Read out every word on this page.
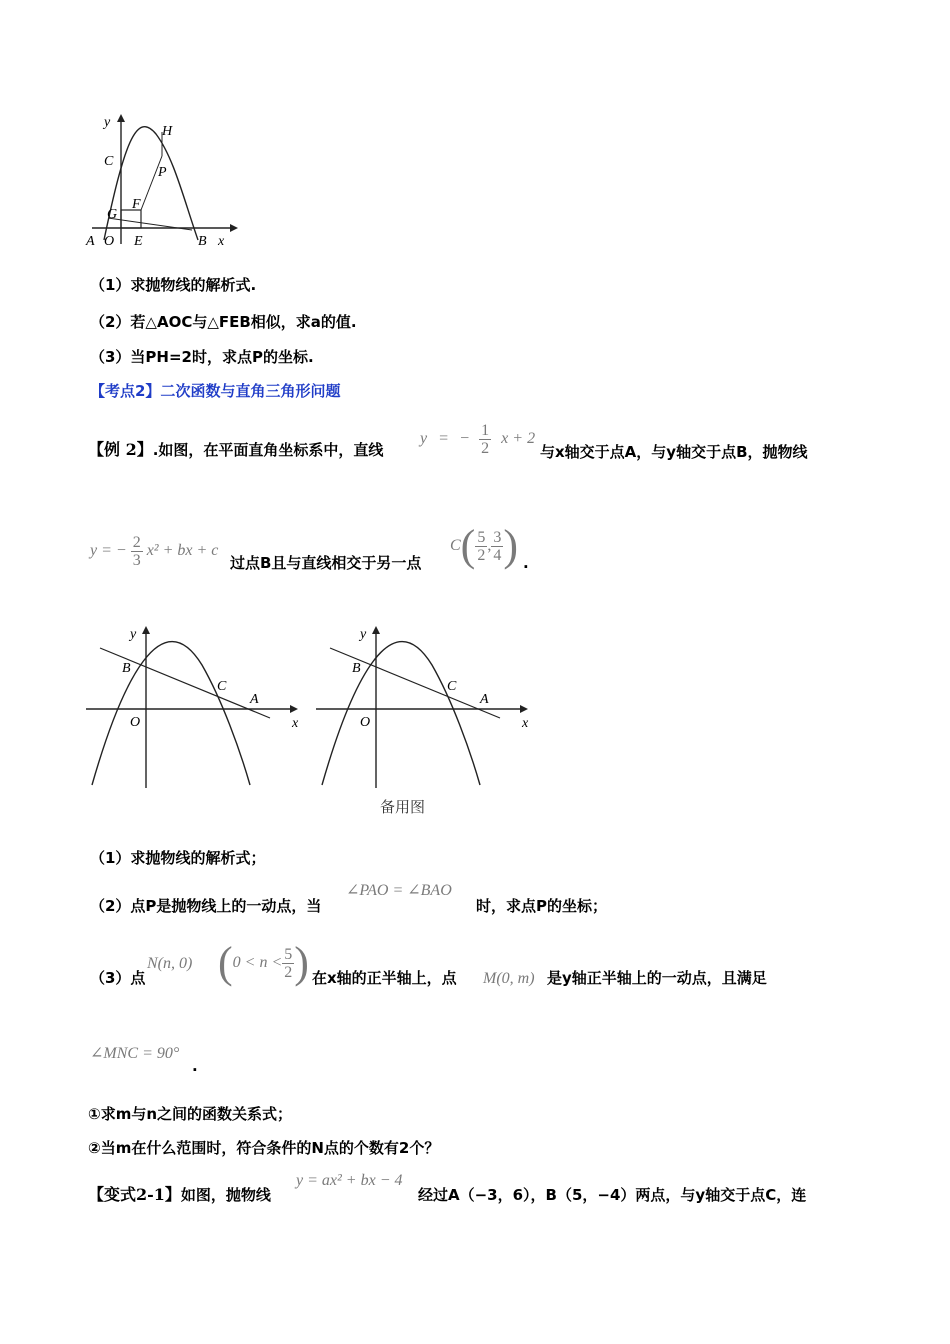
y
H
C
P
F
G
A O E	B x
（1）求抛物线的解析式.
（2）若△AOC与△FEB相似，求a的值.
（3）当PH=2时，求点P的坐标.
【考点2】二次函数与直角三角形问题
【例 2】.如图，在平面直角坐标系中，直线
y = − $\frac{1}{2}$ x + 2
与x轴交于点A，与y轴交于点B，抛物线
y = − $\frac{2}{3} x^2$ + bx + c
过点B且与直线相交于另一点
$C( \frac{5}{2}$ , $\frac{3}{4}$ ) .
y
B
C
A
O	x
y
B
C
A
O	x
备用图
（1）求抛物线的解析式；
（2）点P是抛物线上的一动点，当
∠PAO = ∠BAO
时，求点P的坐标；
（3）点
N(n, 0) ($0 < n < \frac{5}{2}$ ) 在x轴的正半轴上，点 M(0, m) 是y轴正半轴上的一动点，且满足
∠MNC = 90°
.
①求m与n之间的函数关系式；
②当m在什么范围时，符合条件的N点的个数有2个？
【变式2-1】如图，抛物线
y = ax² + bx − 4
经过A（−3，6），B（5，−4）两点，与y轴交于点C，连
